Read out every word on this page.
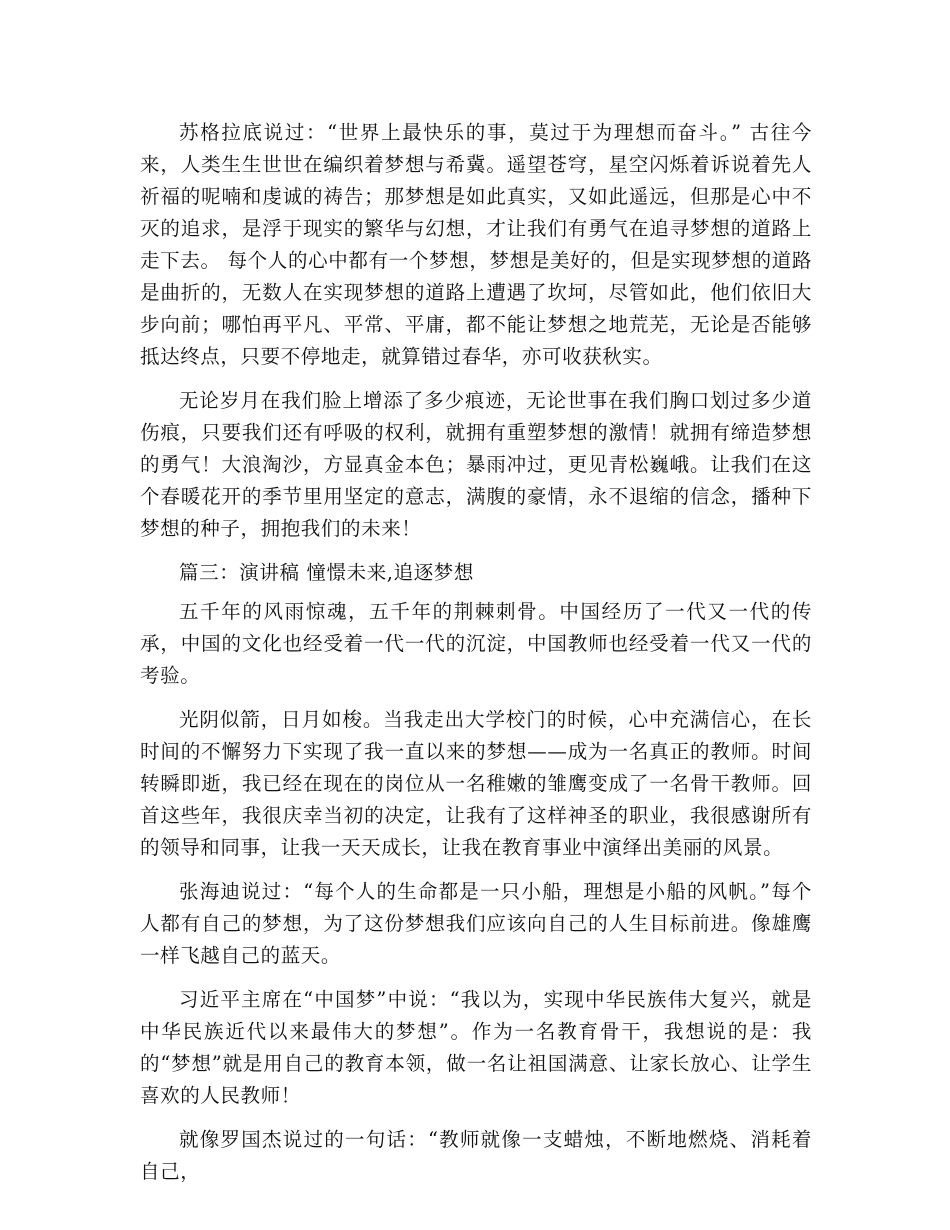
苏格拉底说过：“世界上最快乐的事，莫过于为理想而奋斗。” 古往今来，人类生生世世在编织着梦想与希冀。遥望苍穹，星空闪烁着诉说着先人祈福的呢喃和虔诚的祷告；那梦想是如此真实，又如此遥远，但那是心中不灭的追求，是浮于现实的繁华与幻想，才让我们有勇气在追寻梦想的道路上走下去。 每个人的心中都有一个梦想，梦想是美好的，但是实现梦想的道路是曲折的，无数人在实现梦想的道路上遭遇了坎坷，尽管如此，他们依旧大步向前；哪怕再平凡、平常、平庸，都不能让梦想之地荒芜，无论是否能够抵达终点，只要不停地走，就算错过春华，亦可收获秋实。

无论岁月在我们脸上增添了多少痕迹，无论世事在我们胸口划过多少道伤痕，只要我们还有呼吸的权利，就拥有重塑梦想的激情！就拥有缔造梦想的勇气！大浪淘沙，方显真金本色；暴雨冲过，更见青松巍峨。让我们在这个春暖花开的季节里用坚定的意志，满腹的豪情，永不退缩的信念，播种下梦想的种子，拥抱我们的未来！

篇三：演讲稿 憧憬未来,追逐梦想

五千年的风雨惊魂，五千年的荆棘刺骨。中国经历了一代又一代的传承，中国的文化也经受着一代一代的沉淀，中国教师也经受着一代又一代的考验。

光阴似箭，日月如梭。当我走出大学校门的时候，心中充满信心，在长时间的不懈努力下实现了我一直以来的梦想——成为一名真正的教师。时间转瞬即逝，我已经在现在的岗位从一名稚嫩的雏鹰变成了一名骨干教师。回首这些年，我很庆幸当初的决定，让我有了这样神圣的职业，我很感谢所有的领导和同事，让我一天天成长，让我在教育事业中演绎出美丽的风景。

张海迪说过：“每个人的生命都是一只小船，理想是小船的风帆。”每个人都有自己的梦想，为了这份梦想我们应该向自己的人生目标前进。像雄鹰一样飞越自己的蓝天。

习近平主席在“中国梦”中说：“我以为，实现中华民族伟大复兴，就是中华民族近代以来最伟大的梦想”。作为一名教育骨干，我想说的是：我的“梦想”就是用自己的教育本领，做一名让祖国满意、让家长放心、让学生喜欢的人民教师！

就像罗国杰说过的一句话：“教师就像一支蜡烛，不断地燃烧、消耗着自己，
